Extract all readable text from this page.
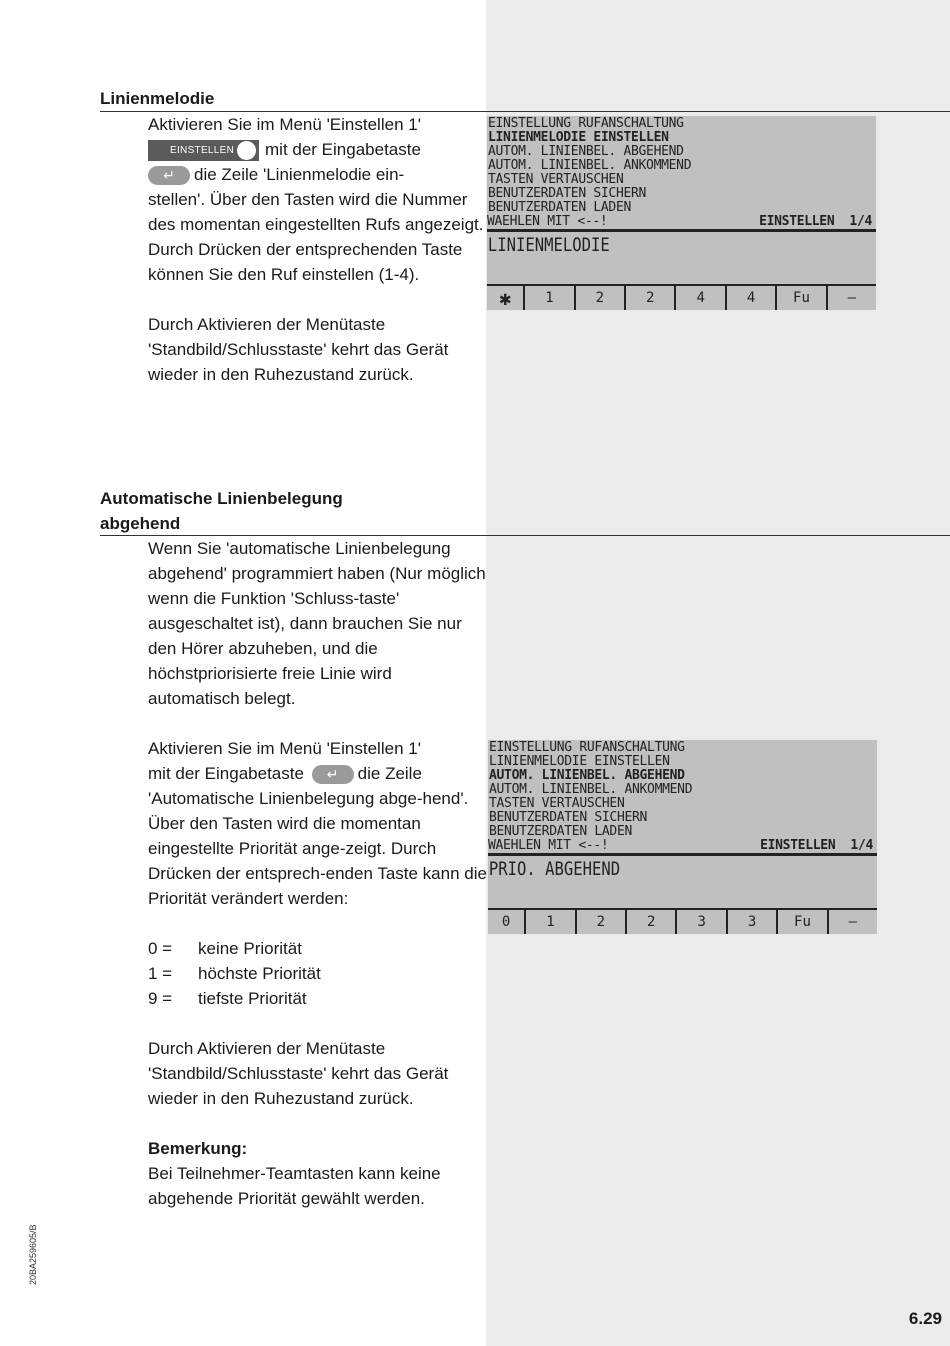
Linienmelodie

Aktivieren Sie im Menü 'Einstellen 1'

EINSTELLEN mit der Eingabetaste

↵ die Zeile 'Linienmelodie ein-

stellen'. Über den Tasten wird die Nummer des momentan eingestellten Rufs angezeigt. Durch Drücken der entsprechenden Taste können Sie den Ruf einstellen (1-4).

Durch Aktivieren der Menütaste 'Standbild/Schlusstaste' kehrt das Gerät wieder in den Ruhezustand zurück.

EINSTELLUNG RUFANSCHALTUNG
LINIENMELODIE EINSTELLEN
AUTOM. LINIENBEL. ABGEHEND
AUTOM. LINIENBEL. ANKOMMEND
TASTEN VERTAUSCHEN
BENUTZERDATEN SICHERN
BENUTZERDATEN LADEN
WAEHLEN MIT <--!	EINSTELLEN  1/4
LINIENMELODIE
✱	1	2	2	4	4	Fu	—
Automatische Linienbelegung
abgehend

Wenn Sie 'automatische Linienbelegung abgehend' programmiert haben (Nur möglich wenn die Funktion 'Schluss-taste' ausgeschaltet ist), dann brauchen Sie nur den Hörer abzuheben, und die höchstpriorisierte freie Linie wird automatisch belegt.

Aktivieren Sie im Menü 'Einstellen 1'

mit der Eingabetaste ↵ die Zeile

'Automatische Linienbelegung abge-hend'. Über den Tasten wird die momentan eingestellte Priorität ange-zeigt. Durch Drücken der entsprech-enden Taste kann die Priorität verändert werden:

0 =	keine Priorität
1 =	höchste Priorität
9 =	tiefste Priorität

Durch Aktivieren der Menütaste 'Standbild/Schlusstaste' kehrt das Gerät wieder in den Ruhezustand zurück.

Bemerkung:

Bei Teilnehmer-Teamtasten kann keine abgehende Priorität gewählt werden.

EINSTELLUNG RUFANSCHALTUNG
LINIENMELODIE EINSTELLEN
AUTOM. LINIENBEL. ABGEHEND
AUTOM. LINIENBEL. ANKOMMEND
TASTEN VERTAUSCHEN
BENUTZERDATEN SICHERN
BENUTZERDATEN LADEN
WAEHLEN MIT <--!	EINSTELLEN  1/4
PRIO. ABGEHEND
0	1	2	2	3	3	Fu	—
20BA259605/B
6.29
